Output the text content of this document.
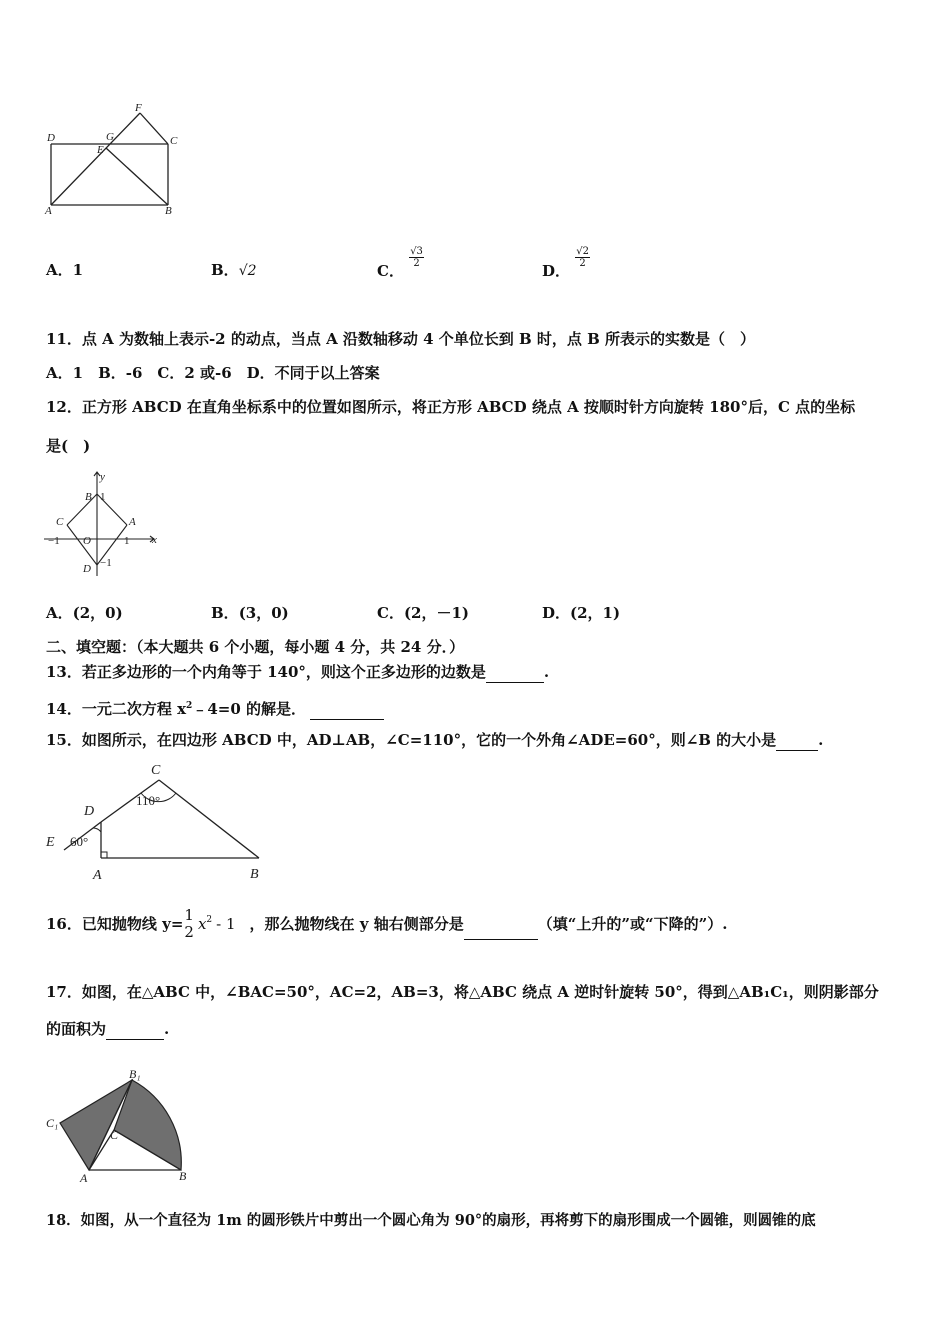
D	G
F
C
E
A	B
A．1	B．√2	C．
$\frac{√3}{2}$
D．
$\frac{√2}{2}$
11．点 A 为数轴上表示-2 的动点，当点 A 沿数轴移动 4 个单位长到 B 时，点 B 所表示的实数是（　）
A．1　B．-6　C．2 或-6　D．不同于以上答案
12．正方形 ABCD 在直角坐标系中的位置如图所示，将正方形 ABCD 绕点 A 按顺时针方向旋转 180°后，C 点的坐标
是(　)
y
x
B 1
C	A
−1 O	1
D −1
A．(2，0)	B．(3，0)	C．(2，－1)	D．(2，1)
二、填空题：（本大题共 6 个小题，每小题 4 分，共 24 分．）
13．若正多边形的一个内角等于 140°，则这个正多边形的边数是	.
14．一元二次方程 $x^2﹣4=0$ 的解是．
15．如图所示，在四边形 ABCD 中，AD⊥AB，∠C=110°，它的一个外角∠ADE=60°，则∠B 的大小是	.
C
110°
D
E 60°
A	B
16．已知抛物线 y= 1
2 $x^2 - 1$ ，那么抛物线在 y 轴右侧部分是	（填“上升的”或“下降的”）.
17．如图，在△ABC 中，∠BAC=50°，AC=2，AB=3，将△ABC 绕点 A 逆时针旋转 50°，得到△AB₁C₁，则阴影部分
的面积为	.
B₁
C₁
C
A	B
18．如图，从一个直径为 1m 的圆形铁片中剪出一个圆心角为 90°的扇形，再将剪下的扇形围成一个圆锥，则圆锥的底
